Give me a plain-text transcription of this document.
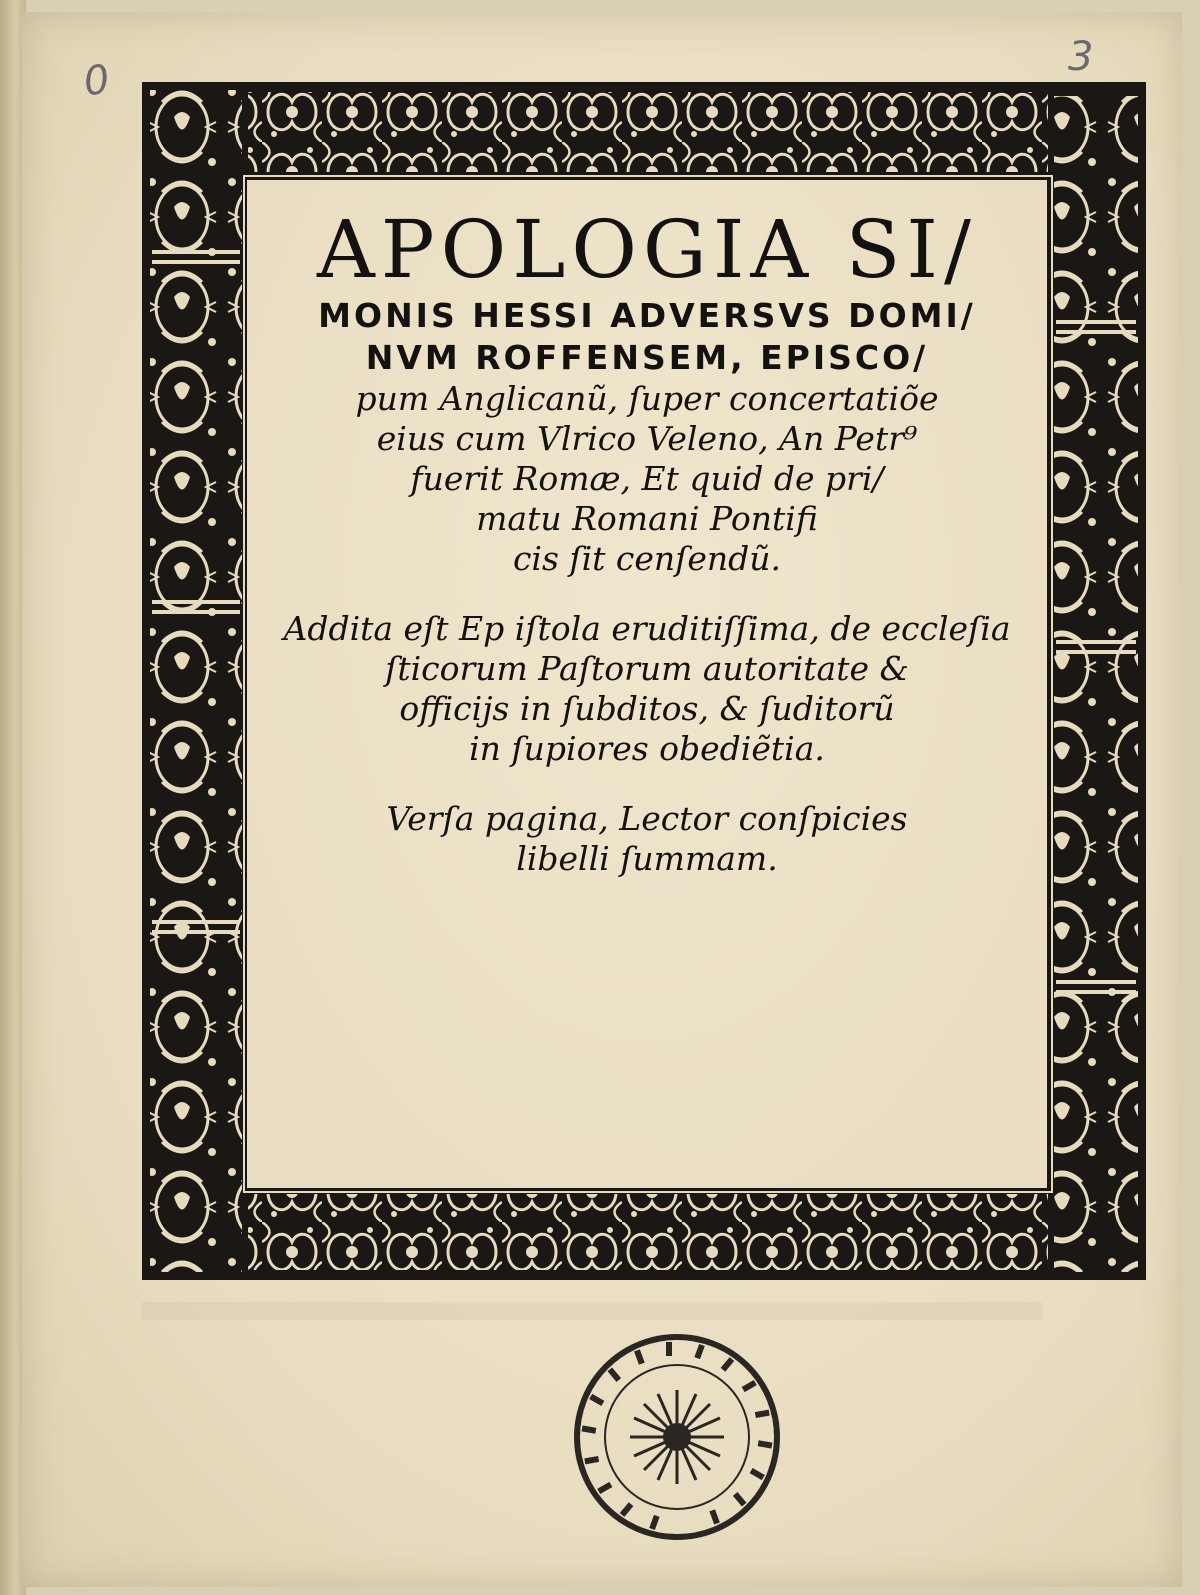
0	3
APOLOGIA SI/
MONIS HESSI ADVERSVS DOMI/
NVM ROFFENSEM, EPISCO/
pum Anglicanũ, ſuper concertatiõe
eius cum Vlrico Veleno, An Petr⁹
fuerit Romæ, Et quid de pri/
matu Romani Pontifi
cis ſit cenſendũ.
Addita eſt Ep iſtola eruditiſſima, de eccleſia
ſticorum Paſtorum autoritate &
officijs in ſubditos, & ſuditorũ
in ſupiores obediẽtia.
Verſa pagina, Lector conſpicies
libelli ſummam.
